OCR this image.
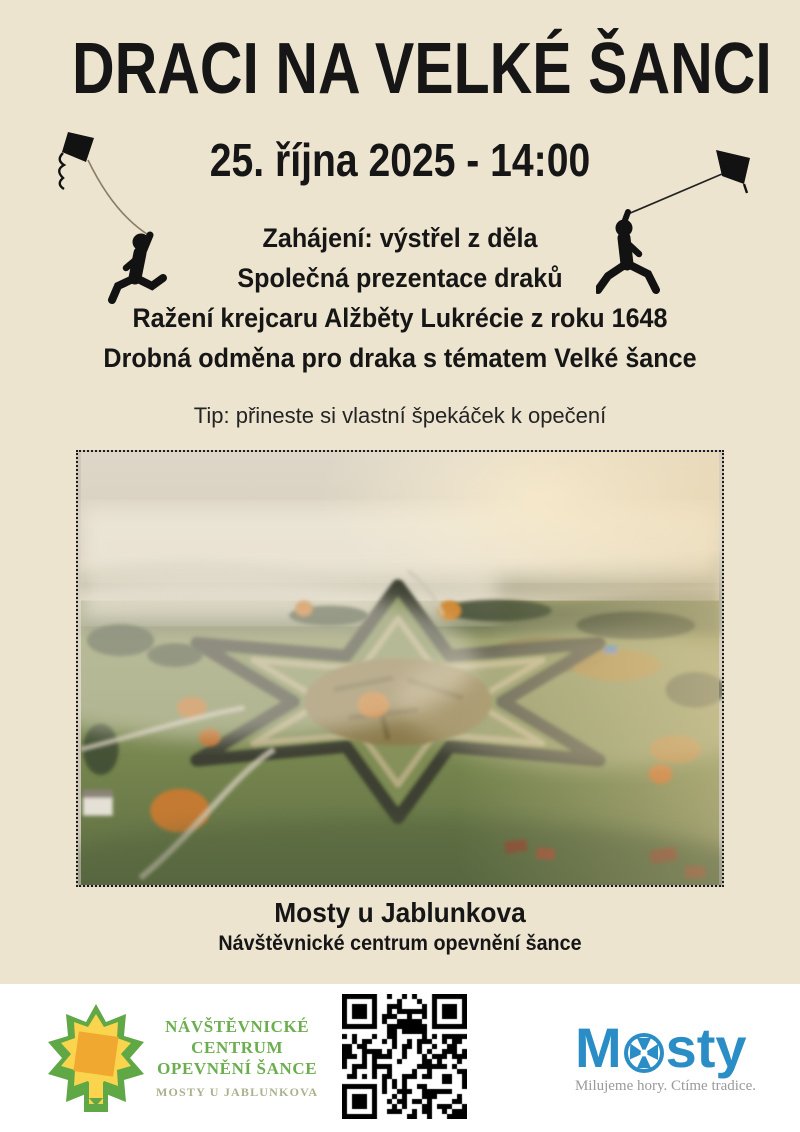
DRACI NA VELKÉ ŠANCI
25. října 2025 - 14:00
Zahájení: výstřel z děla
Společná prezentace draků
Ražení krejcaru Alžběty Lukrécie z roku 1648
Drobná odměna pro draka s tématem Velké šance
Tip: přineste si vlastní špekáček k opečení
Mosty u Jablunkova
Návštěvnické centrum opevnění šance
NÁVŠTĚVNICKÉ
CENTRUM
OPEVNĚNÍ ŠANCE
MOSTY U JABLUNKOVA
M sty
Milujeme hory. Ctíme tradice.
